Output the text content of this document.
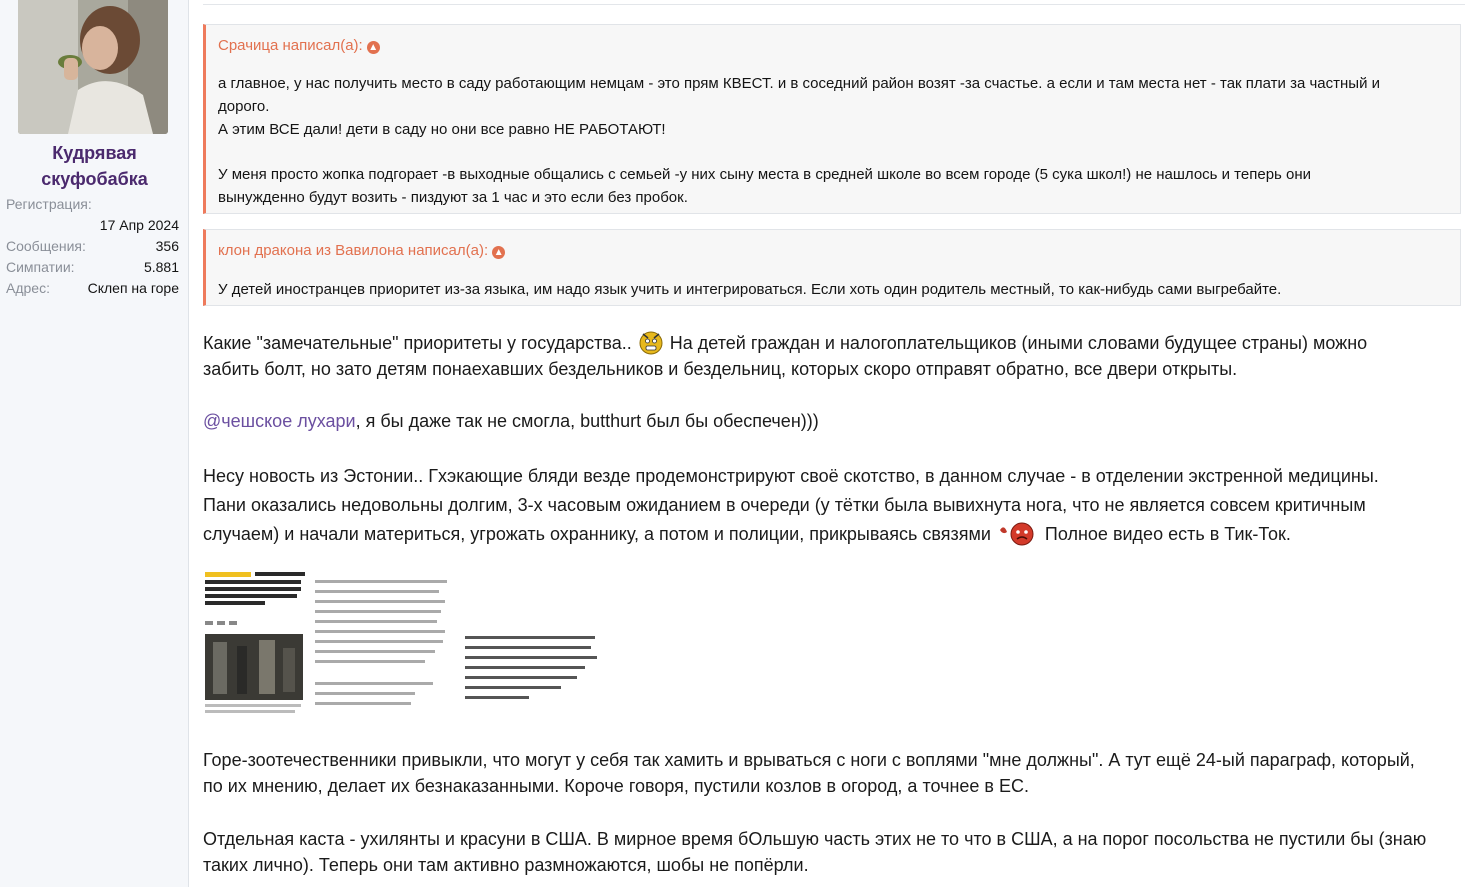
Кудрявая
скуфобабка
Регистрация:
17 Апр 2024
Сообщения:	356
Симпатии:	5.881
Адрес:	Склеп на горе
Срачица написал(а): ▲
а главное, у нас получить место в саду работающим немцам - это прям КВЕСТ. и в соседний район возят -за счастье. а если и там места нет - так плати за частный и
дорого.
А этим ВСЕ дали! дети в саду но они все равно НЕ РАБОТАЮТ!
У меня просто жопка подгорает -в выходные общались с семьей -у них сыну места в средней школе во всем городе (5 сука школ!) не нашлось и теперь они
вынужденно будут возить - пиздуют за 1 час и это если без пробок.
клон дракона из Вавилона написал(а): ▲
У детей иностранцев приоритет из-за языка, им надо язык учить и интегрироваться. Если хоть один родитель местный, то как-нибудь сами выгребайте.
Какие "замечательные" приоритеты у государства.. На детей граждан и налогоплательщиков (иными словами будущее страны) можно
забить болт, но зато детям понаехавших бездельников и бездельниц, которых скоро отправят обратно, все двери открыты.
@чешское лухари, я бы даже так не смогла, butthurt был бы обеспечен)))
Несу новость из Эстонии.. Гхэкающие бляди везде продемонстрируют своё скотство, в данном случае - в отделении экстренной медицины.
Пани оказались недовольны долгим, 3-х часовым ожиданием в очереди (у тётки была вывихнута нога, что не является совсем критичным
случаем) и начали материться, угрожать охраннику, а потом и полиции, прикрываясь связями	Полное видео есть в Тик-Ток.
Горе-зоотечественники привыкли, что могут у себя так хамить и врываться с ноги с воплями "мне должны". А тут ещё 24-ый параграф, который,
по их мнению, делает их безнаказанными. Короче говоря, пустили козлов в огород, а точнее в ЕС.
Отдельная каста - ухилянты и красуни в США. В мирное время бОльшую часть этих не то что в США, а на порог посольства не пустили бы (знаю
таких лично). Теперь они там активно размножаются, шобы не попёрли.
